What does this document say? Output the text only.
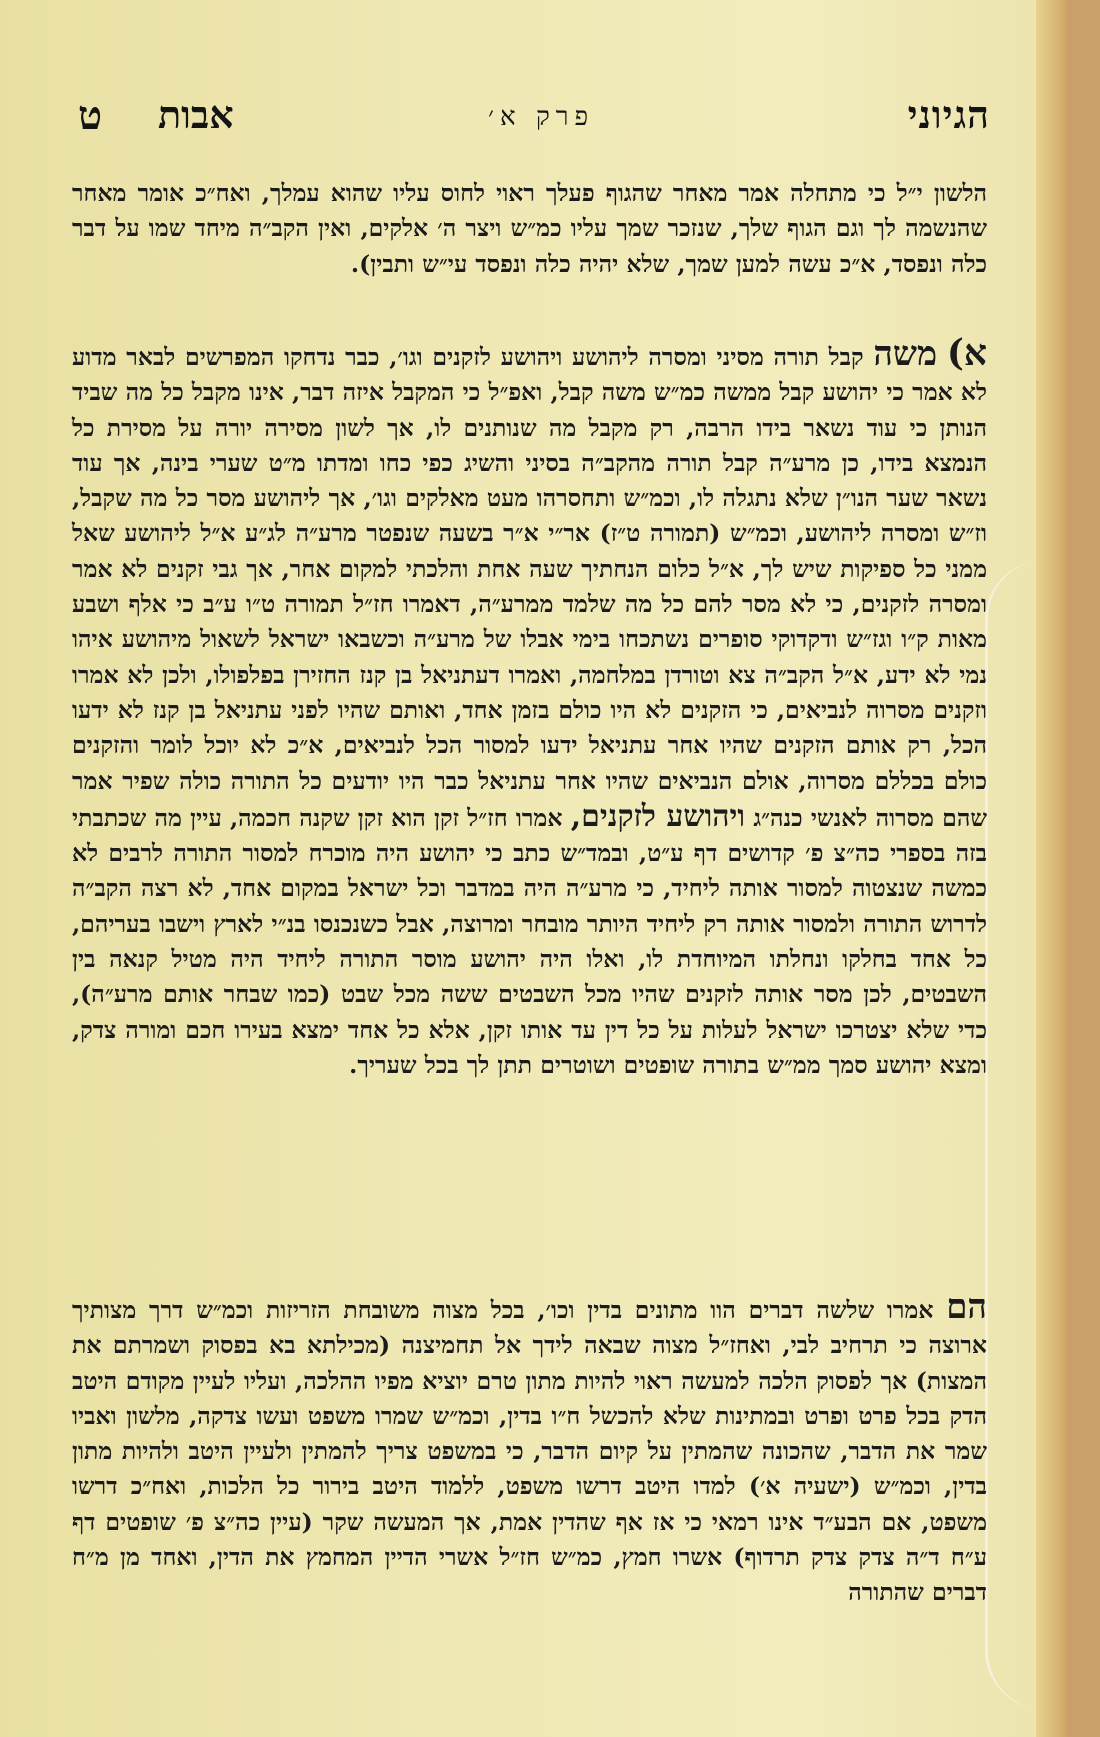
הגיוני
פרק א׳
אבות
ט

הלשון י״ל כי מתחלה אמר מאחר שהגוף פעלך ראוי לחוס עליו שהוא עמלך, ואח״כ אומר מאחר שהנשמה לך וגם הגוף שלך, שנזכר שמך עליו כמ״ש ויצר ה׳ אלקים, ואין הקב״ה מיחד שמו על דבר כלה ונפסד, א״כ עשה למען שמך, שלא יהיה כלה ונפסד עי״ש ותבין).

א) משה קבל תורה מסיני ומסרה ליהושע ויהושע לזקנים וגו׳, כבר נדחקו המפרשים לבאר מדוע לא אמר כי יהושע קבל ממשה כמ״ש משה קבל, ואפ״ל כי המקבל איזה דבר, אינו מקבל כל מה שביד הנותן כי עוד נשאר בידו הרבה, רק מקבל מה שנותנים לו, אך לשון מסירה יורה על מסירת כל הנמצא בידו, כן מרע״ה קבל תורה מהקב״ה בסיני והשיג כפי כחו ומדתו מ״ט שערי בינה, אך עוד נשאר שער הנו״ן שלא נתגלה לו, וכמ״ש ותחסרהו מעט מאלקים וגו׳, אך ליהושע מסר כל מה שקבל, וז״ש ומסרה ליהושע, וכמ״ש (תמורה ט״ז) אר״י א״ר בשעה שנפטר מרע״ה לג״ע א״ל ליהושע שאל ממני כל ספיקות שיש לך, א״ל כלום הנחתיך שעה אחת והלכתי למקום אחר, אך גבי זקנים לא אמר ומסרה לזקנים, כי לא מסר להם כל מה שלמד ממרע״ה, דאמרו חז״ל תמורה ט״ו ע״ב כי אלף ושבע מאות ק״ו וגז״ש ודקדוקי סופרים נשתכחו בימי אבלו של מרע״ה וכשבאו ישראל לשאול מיהושע איהו נמי לא ידע, א״ל הקב״ה צא וטורדן במלחמה, ואמרו דעתניאל בן קנז החזירן בפלפולו, ולכן לא אמרו וזקנים מסרוה לנביאים, כי הזקנים לא היו כולם בזמן אחד, ואותם שהיו לפני עתניאל בן קנז לא ידעו הכל, רק אותם הזקנים שהיו אחר עתניאל ידעו למסור הכל לנביאים, א״כ לא יוכל לומר והזקנים כולם בכללם מסרוה, אולם הנביאים שהיו אחר עתניאל כבר היו יודעים כל התורה כולה שפיר אמר שהם מסרוה לאנשי כנה״ג ויהושע לזקנים, אמרו חז״ל זקן הוא זקן שקנה חכמה, עיין מה שכתבתי בזה בספרי כה״צ פ׳ קדושים דף ע״ט, ובמד״ש כתב כי יהושע היה מוכרח למסור התורה לרבים לא כמשה שנצטוה למסור אותה ליחיד, כי מרע״ה היה במדבר וכל ישראל במקום אחד, לא רצה הקב״ה לדרוש התורה ולמסור אותה רק ליחיד היותר מובחר ומרוצה, אבל כשנכנסו בנ״י לארץ וישבו בעריהם, כל אחד בחלקו ונחלתו המיוחדת לו, ואלו היה יהושע מוסר התורה ליחיד היה מטיל קנאה בין השבטים, לכן מסר אותה לזקנים שהיו מכל השבטים ששה מכל שבט (כמו שבחר אותם מרע״ה), כדי שלא יצטרכו ישראל לעלות על כל דין עד אותו זקן, אלא כל אחד ימצא בעירו חכם ומורה צדק, ומצא יהושע סמך ממ״ש בתורה שופטים ושוטרים תתן לך בכל שעריך.

הם אמרו שלשה דברים הוו מתונים בדין וכו׳, בכל מצוה משובחת הזריזות וכמ״ש דרך מצותיך ארוצה כי תרחיב לבי, ואחז״ל מצוה שבאה לידך אל תחמיצנה (מכילתא בא בפסוק ושמרתם את המצות) אך לפסוק הלכה למעשה ראוי להיות מתון טרם יוציא מפיו ההלכה, ועליו לעיין מקודם היטב הדק בכל פרט ופרט ובמתינות שלא להכשל ח״ו בדין, וכמ״ש שמרו משפט ועשו צדקה, מלשון ואביו שמר את הדבר, שהכונה שהמתין על קיום הדבר, כי במשפט צריך להמתין ולעיין היטב ולהיות מתון בדין, וכמ״ש (ישעיה א׳) למדו היטב דרשו משפט, ללמוד היטב בירור כל הלכות, ואח״כ דרשו משפט, אם הבע״ד אינו רמאי כי אז אף שהדין אמת, אך המעשה שקר (עיין כה״צ פ׳ שופטים דף ע״ח ד״ה צדק צדק תרדוף) אשרו חמץ, כמ״ש חז״ל אשרי הדיין המחמץ את הדין, ואחד מן מ״ח דברים שהתורה
